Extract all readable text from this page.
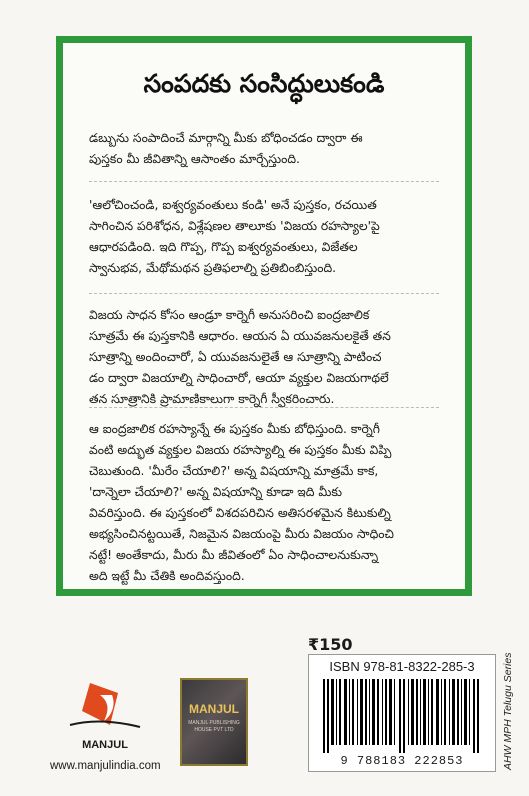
సంపదకు సంసిద్ధులుకండి

డబ్బును సంపాదించే మార్గాన్ని మీకు బోధించడం ద్వారా ఈ
పుస్తకం మీ జీవితాన్ని ఆసాంతం మార్చేస్తుంది.

'ఆలోచించండి, ఐశ్వర్యవంతులు కండి' అనే పుస్తకం, రచయిత
సాగించిన పరిశోధన, విశ్లేషణల తాలూకు 'విజయ రహస్యాల'పై
ఆధారపడింది. ఇది గొప్ప, గొప్ప ఐశ్వర్యవంతులు, విజేతల
స్వానుభవ, మేథోమథన ప్రతిఫలాల్ని ప్రతిబింబిస్తుంది.

విజయ సాధన కోసం ఆండ్రూ కార్నెగీ అనుసరించి ఐంద్రజాలిక
సూత్రమే ఈ పుస్తకానికి ఆధారం. ఆయన ఏ యువజనులకైతే తన
సూత్రాన్ని అందించారో, ఏ యువజనులైతే ఆ సూత్రాన్ని పాటించ
డం ద్వారా విజయాల్ని సాధించారో, ఆయా వ్యక్తుల విజయగాథలే
తన సూత్రానికి ప్రామాణికాలుగా కార్నెగీ స్వీకరించారు.

ఆ ఐంద్రజాలిక రహస్యాన్నే ఈ పుస్తకం మీకు బోధిస్తుంది. కార్నెగీ
వంటి అద్భుత వ్యక్తుల విజయ రహస్యాల్ని ఈ పుస్తకం మీకు విప్పి
చెబుతుంది. 'మీరేం చేయాలి?' అన్న విషయాన్ని మాత్రమే కాక,
'దాన్నెలా చేయాలి?' అన్న విషయాన్ని కూడా ఇది మీకు
వివరిస్తుంది. ఈ పుస్తకంలో విశదపరిచిన అతిసరళమైన కిటుకుల్ని
అభ్యసించినట్టయితే, నిజమైన విజయంపై మీరు విజయం సాధించి
నట్టే! అంతేకాదు, మీరు మీ జీవితంలో ఏం సాధించాలనుకున్నా
అది ఇట్టే మీ చేతికి అందివస్తుంది.

MANJUL
www.manjulindia.com
MANJUL
MANJUL PUBLISHING HOUSE PVT LTD
₹150
ISBN 978-81-8322-285-3
9 788183 222853	AHW MPH Telugu Series
